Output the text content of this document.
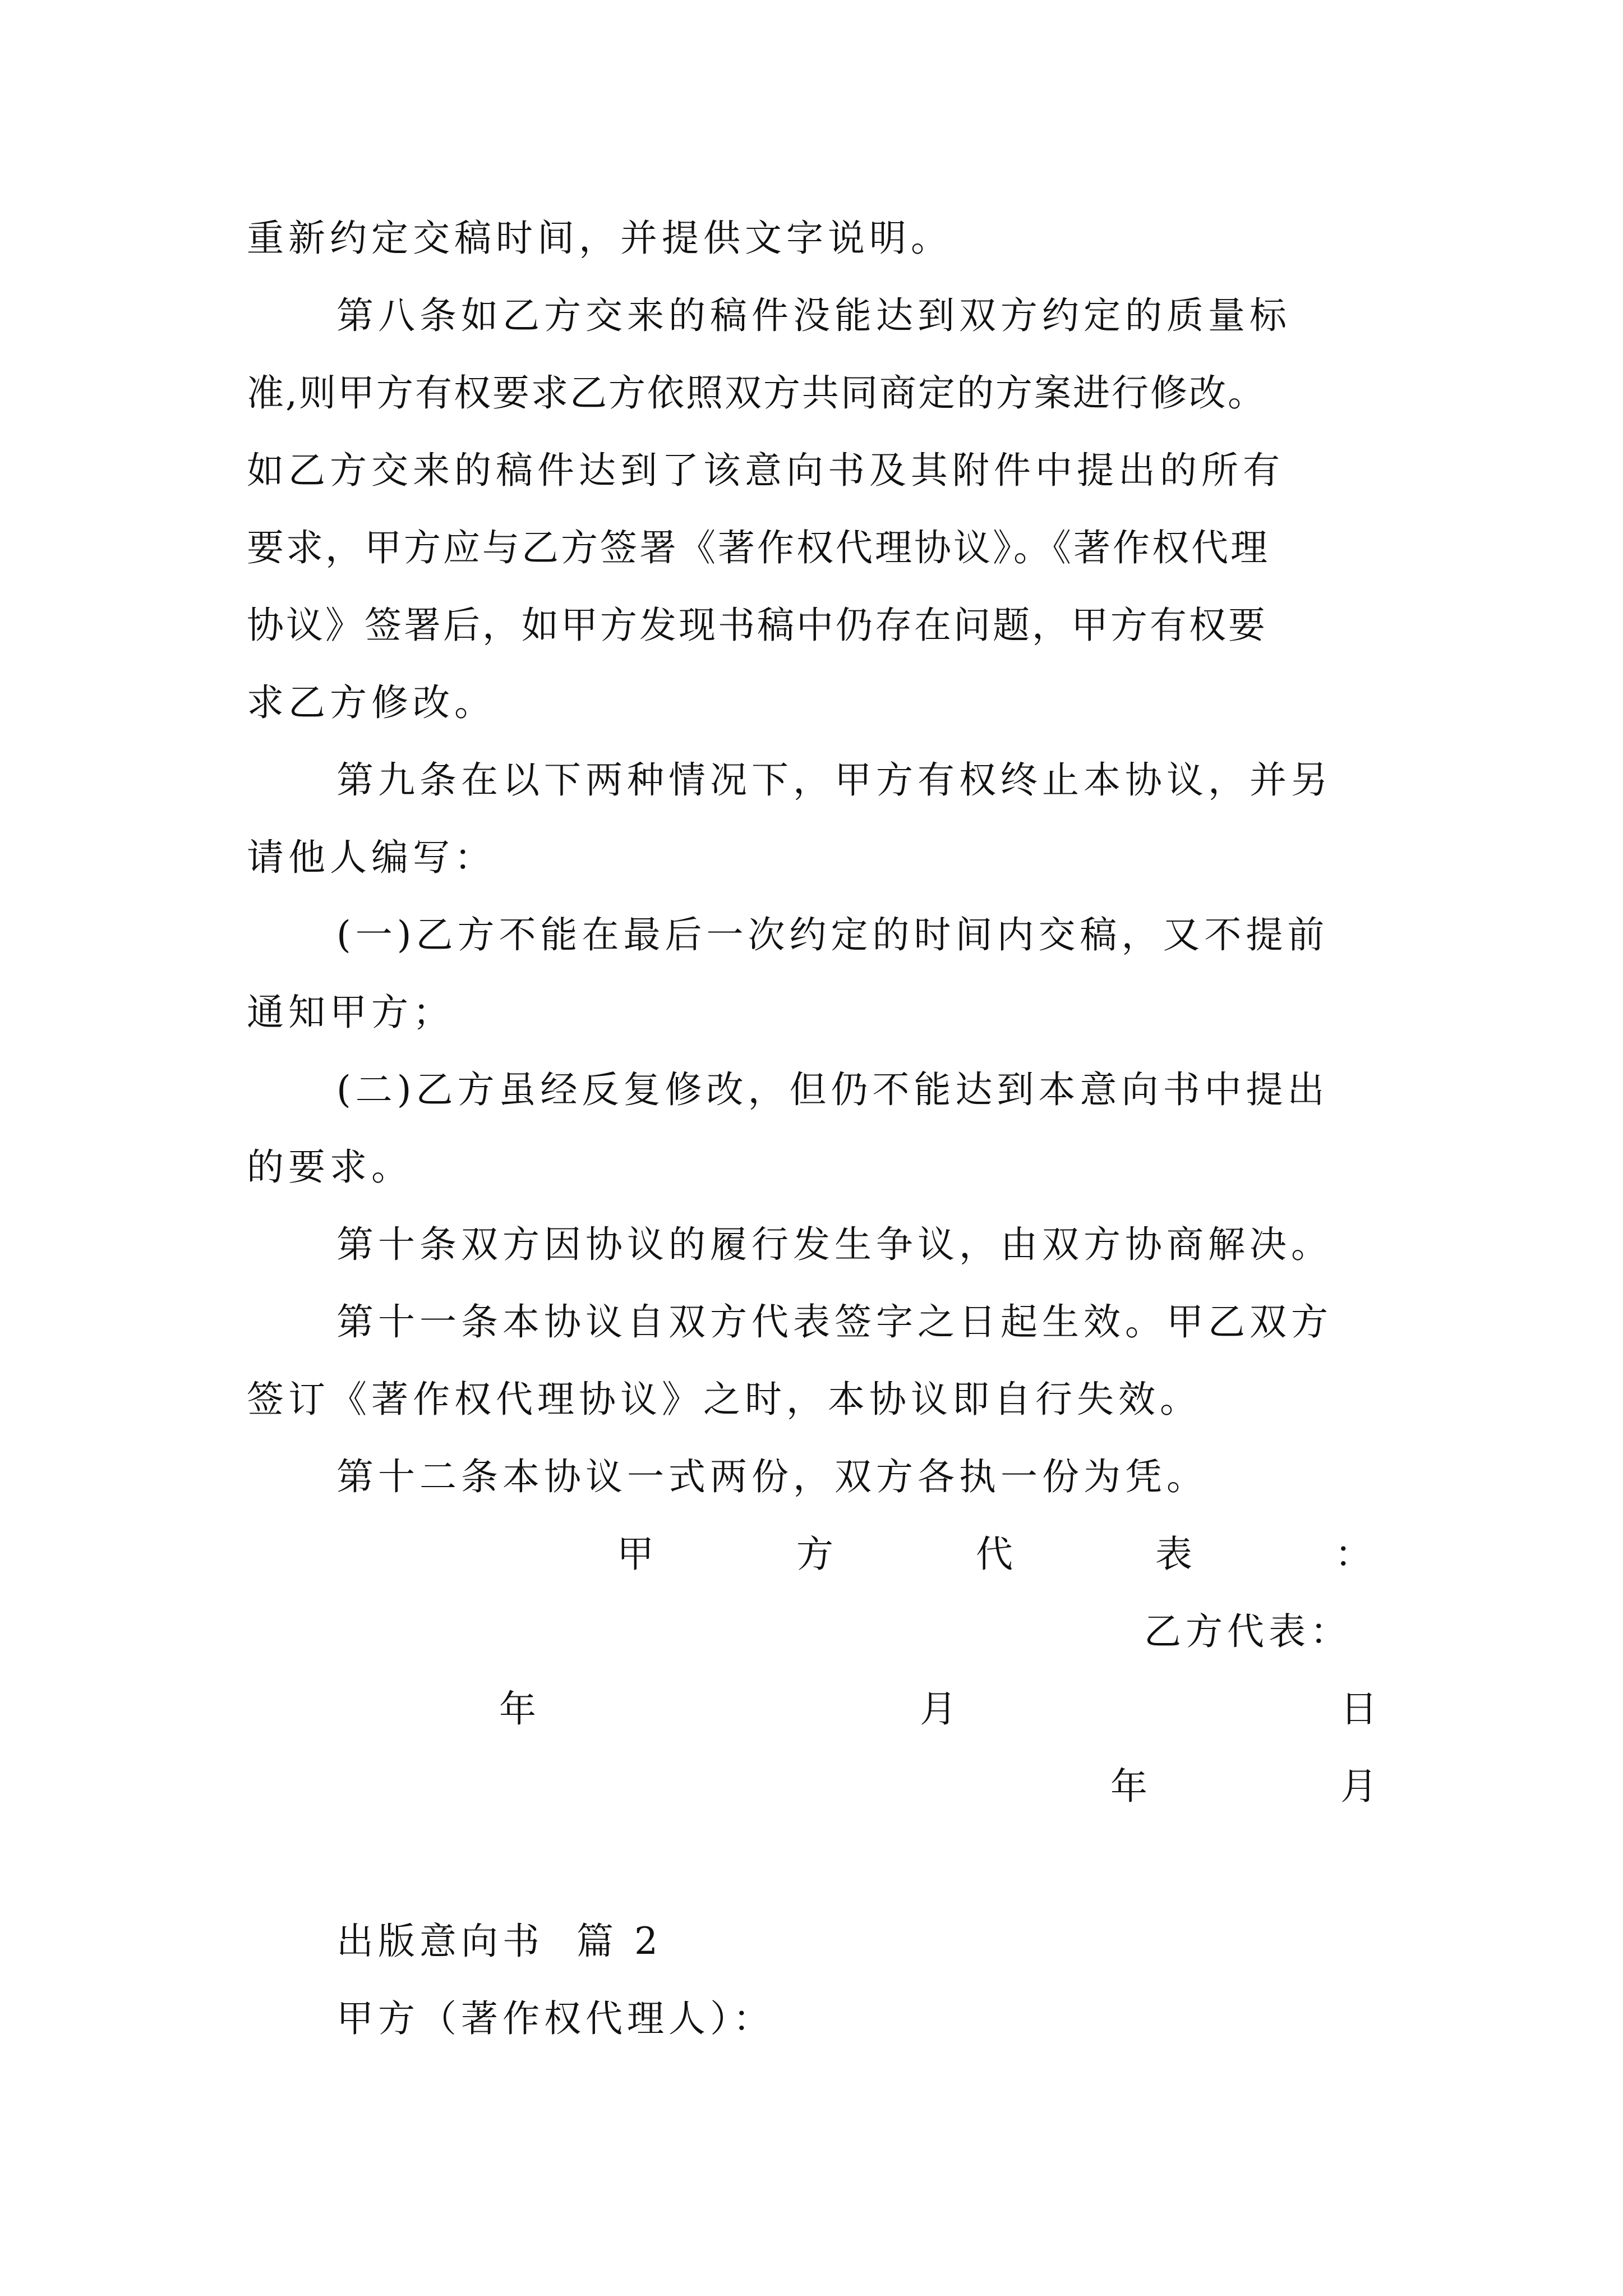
重新约定交稿时间，并提供文字说明。
第八条如乙方交来的稿件没能达到双方约定的质量标
准,则甲方有权要求乙方依照双方共同商定的方案进行修改。
如乙方交来的稿件达到了该意向书及其附件中提出的所有
要求，甲方应与乙方签署《著作权代理协议》。《著作权代理
协议》签署后，如甲方发现书稿中仍存在问题，甲方有权要
求乙方修改。
第九条在以下两种情况下，甲方有权终止本协议，并另
请他人编写：
(一)乙方不能在最后一次约定的时间内交稿，又不提前
通知甲方；
(二)乙方虽经反复修改，但仍不能达到本意向书中提出
的要求。
第十条双方因协议的履行发生争议，由双方协商解决。
第十一条本协议自双方代表签字之日起生效。甲乙双方
签订《著作权代理协议》之时，本协议即自行失效。
第十二条本协议一式两份，双方各执一份为凭。
甲	方	代	表	：
乙方代表：
年	月	日
年	月
出版意向书  篇 2
甲方（著作权代理人）：
